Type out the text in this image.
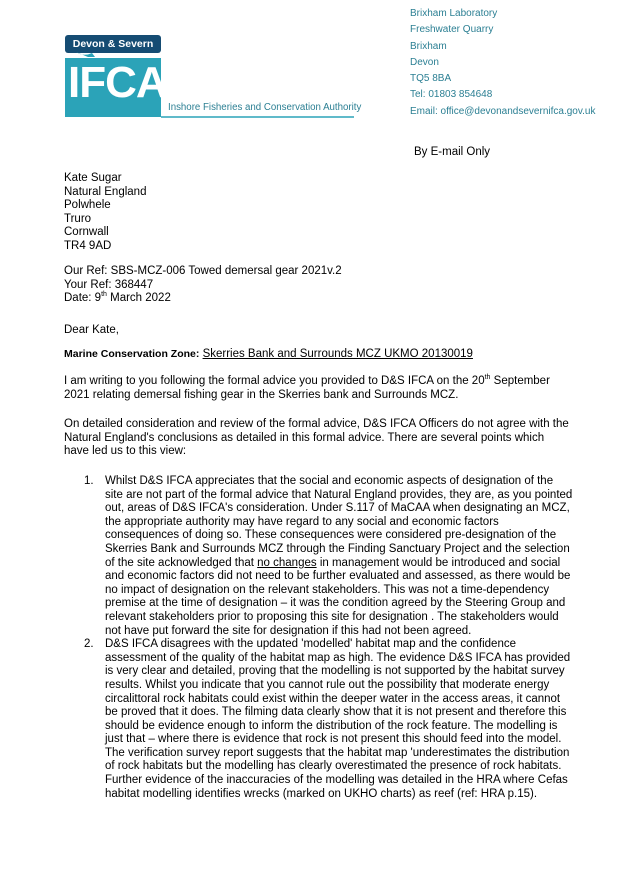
Devon & Severn
IFCA
Inshore Fisheries and Conservation Authority
Brixham Laboratory
Freshwater Quarry
Brixham
Devon
TQ5 8BA
Tel: 01803 854648
Email: office@devonandsevernifca.gov.uk
By E-mail Only
Kate Sugar
Natural England
Polwhele
Truro
Cornwall
TR4 9AD
Our Ref: SBS-MCZ-006 Towed demersal gear 2021v.2
Your Ref: 368447
Date: 9th March 2022
Dear Kate,
Marine Conservation Zone: Skerries Bank and Surrounds MCZ UKMO 20130019
I am writing to you following the formal advice you provided to D&S IFCA on the 20th September 2021 relating demersal fishing gear in the Skerries bank and Surrounds MCZ.
On detailed consideration and review of the formal advice, D&S IFCA Officers do not agree with the Natural England's conclusions as detailed in this formal advice. There are several points which have led us to this view:
1. Whilst D&S IFCA appreciates that the social and economic aspects of designation of the site are not part of the formal advice that Natural England provides, they are, as you pointed out, areas of D&S IFCA's consideration. Under S.117 of MaCAA when designating an MCZ, the appropriate authority may have regard to any social and economic factors consequences of doing so. These consequences were considered pre-designation of the Skerries Bank and Surrounds MCZ through the Finding Sanctuary Project and the selection of the site acknowledged that no changes in management would be introduced and social and economic factors did not need to be further evaluated and assessed, as there would be no impact of designation on the relevant stakeholders. This was not a time-dependency premise at the time of designation – it was the condition agreed by the Steering Group and relevant stakeholders prior to proposing this site for designation . The stakeholders would not have put forward the site for designation if this had not been agreed.
2. D&S IFCA disagrees with the updated 'modelled' habitat map and the confidence assessment of the quality of the habitat map as high. The evidence D&S IFCA has provided is very clear and detailed, proving that the modelling is not supported by the habitat survey results. Whilst you indicate that you cannot rule out the possibility that moderate energy circalittoral rock habitats could exist within the deeper water in the access areas, it cannot be proved that it does. The filming data clearly show that it is not present and therefore this should be evidence enough to inform the distribution of the rock feature. The modelling is just that – where there is evidence that rock is not present this should feed into the model. The verification survey report suggests that the habitat map 'underestimates the distribution of rock habitats but the modelling has clearly overestimated the presence of rock habitats. Further evidence of the inaccuracies of the modelling was detailed in the HRA where Cefas habitat modelling identifies wrecks (marked on UKHO charts) as reef (ref: HRA p.15).
